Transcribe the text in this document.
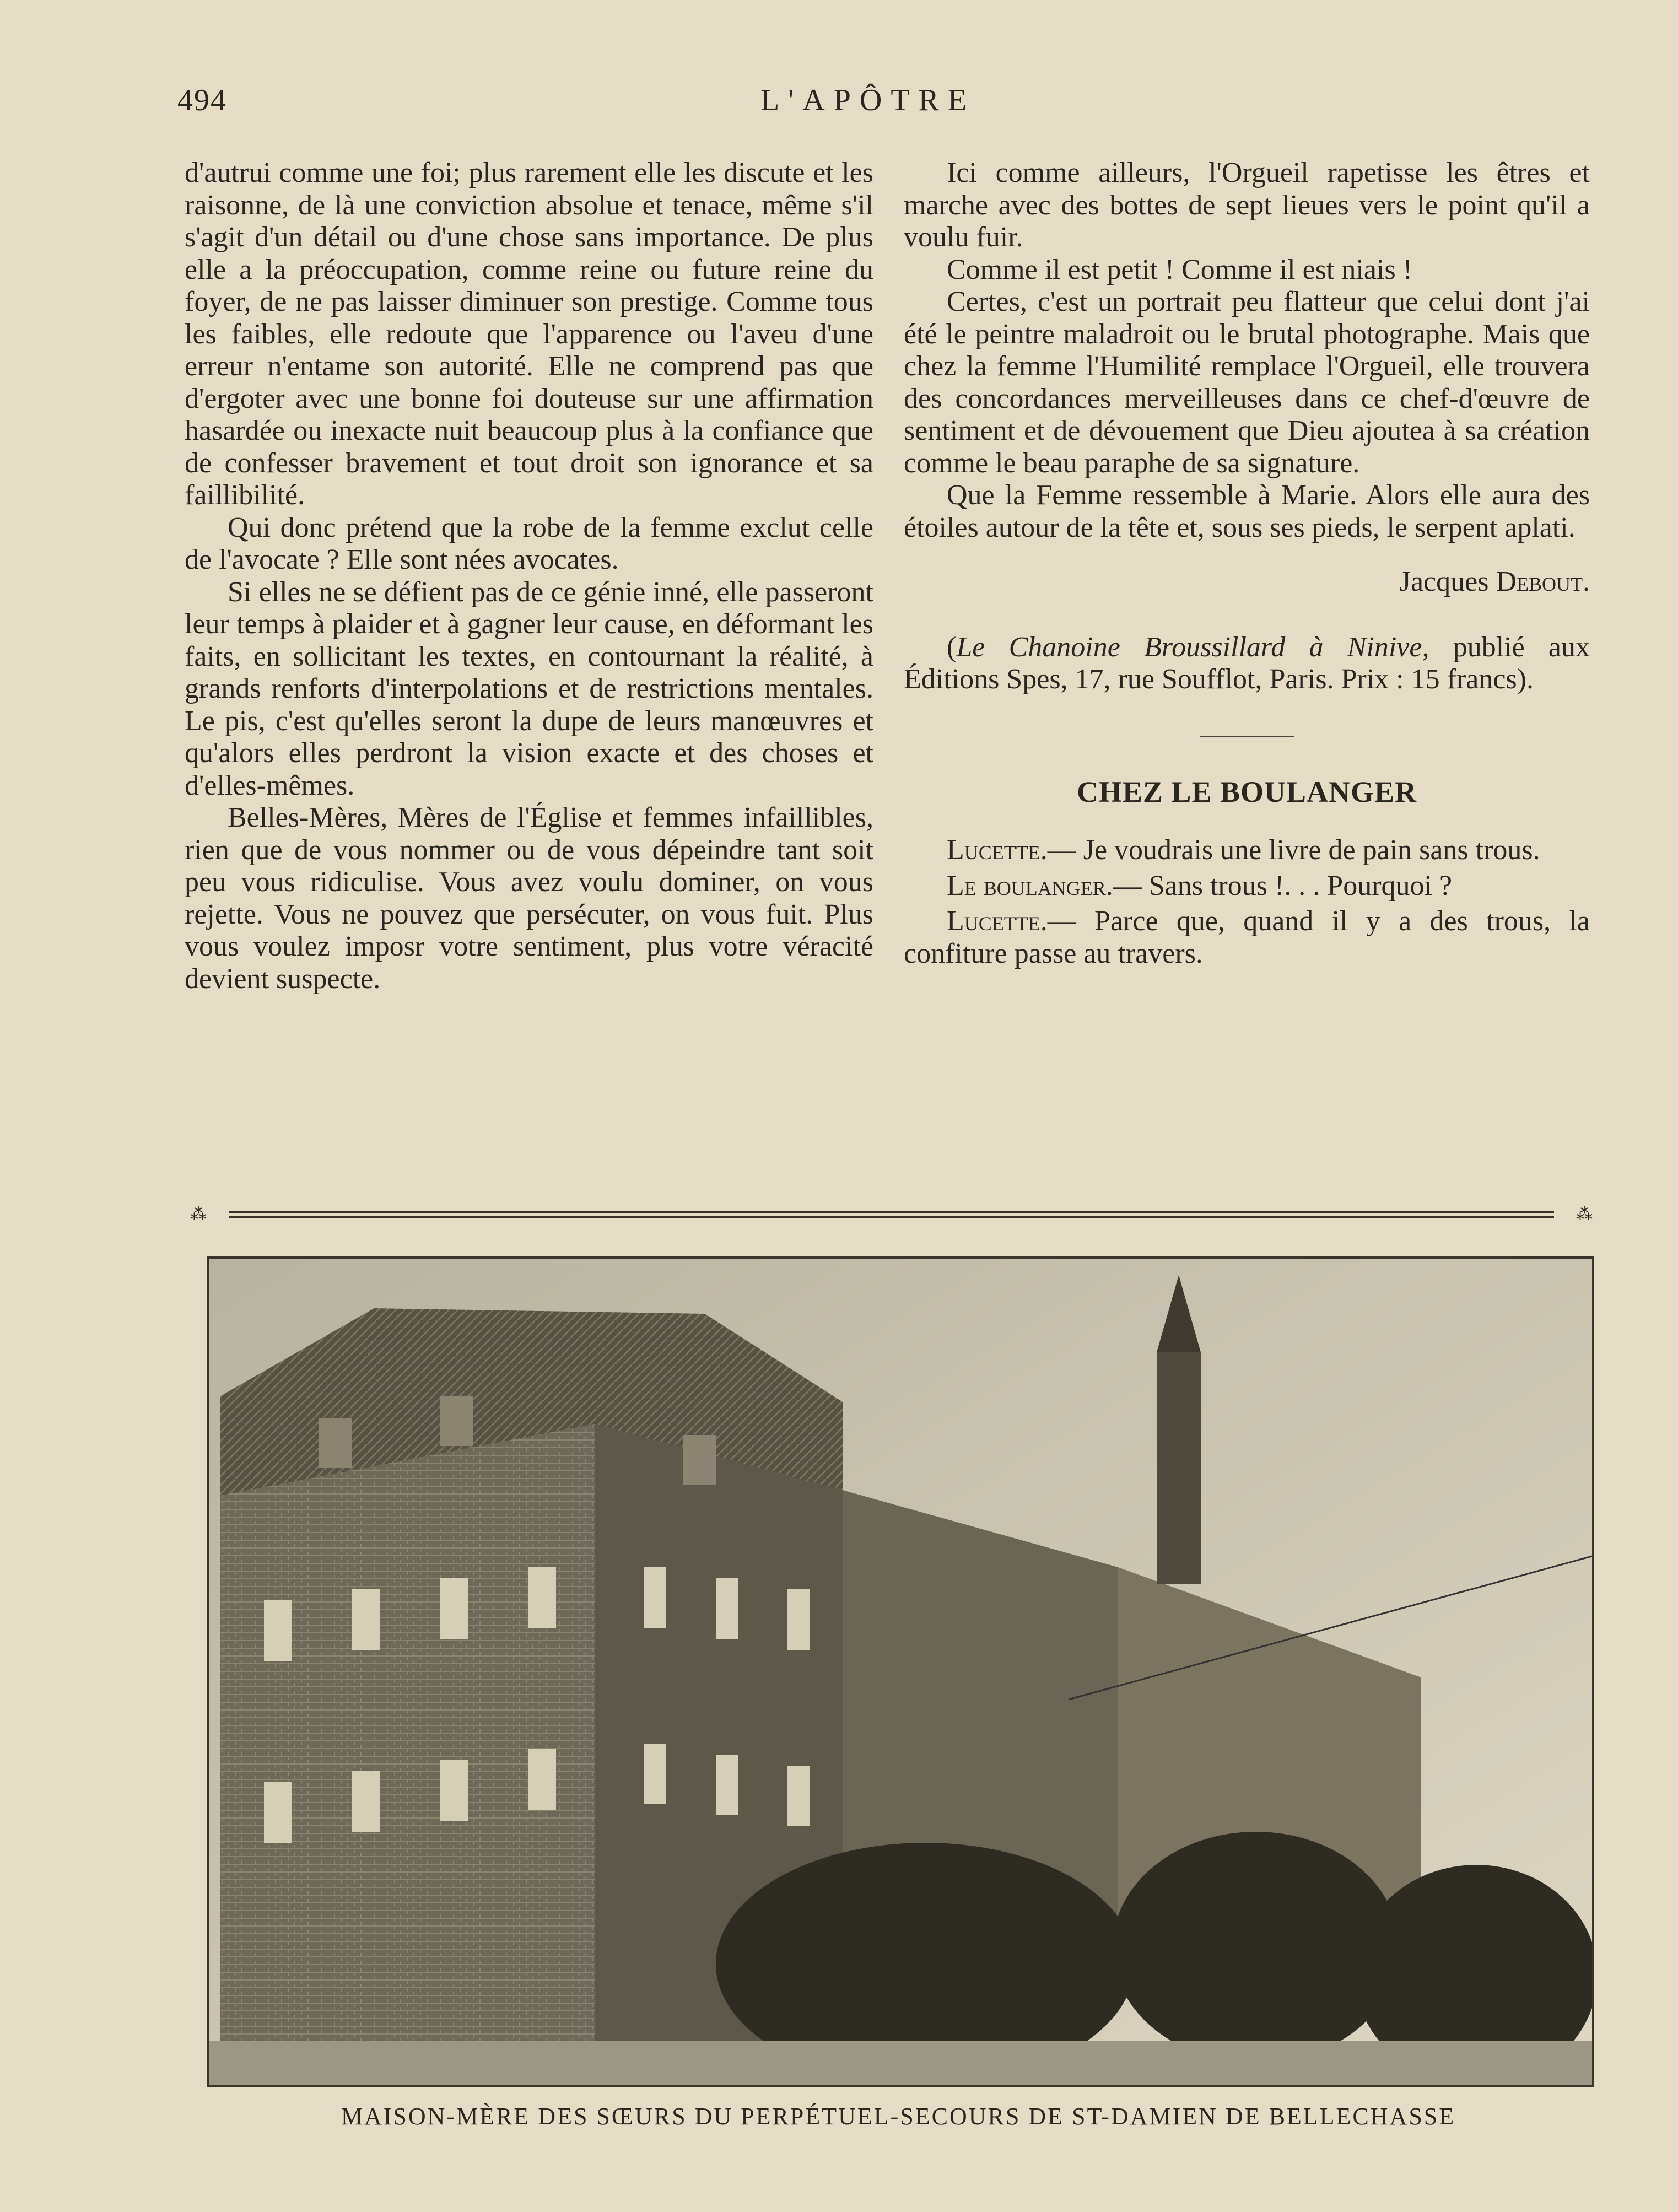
494	L'APÔTRE

d'autrui comme une foi; plus rarement elle les discute et les raisonne, de là une conviction absolue et tenace, même s'il s'agit d'un détail ou d'une chose sans importance. De plus elle a la préoccupation, comme reine ou future reine du foyer, de ne pas laisser diminuer son prestige. Comme tous les faibles, elle redoute que l'apparence ou l'aveu d'une erreur n'entame son autorité. Elle ne comprend pas que d'ergoter avec une bonne foi douteuse sur une affirmation hasardée ou inexacte nuit beaucoup plus à la confiance que de confesser bravement et tout droit son ignorance et sa faillibilité.

Qui donc prétend que la robe de la femme exclut celle de l'avocate ? Elle sont nées avocates.

Si elles ne se défient pas de ce génie inné, elle passeront leur temps à plaider et à gagner leur cause, en déformant les faits, en sollicitant les textes, en contournant la réalité, à grands renforts d'interpolations et de restrictions mentales. Le pis, c'est qu'elles seront la dupe de leurs manœuvres et qu'alors elles perdront la vision exacte et des choses et d'elles-mêmes.

Belles-Mères, Mères de l'Église et femmes infaillibles, rien que de vous nommer ou de vous dépeindre tant soit peu vous ridiculise. Vous avez voulu dominer, on vous rejette. Vous ne pouvez que persécuter, on vous fuit. Plus vous voulez imposr votre sentiment, plus votre véracité devient suspecte.

Ici comme ailleurs, l'Orgueil rapetisse les êtres et marche avec des bottes de sept lieues vers le point qu'il a voulu fuir.

Comme il est petit ! Comme il est niais !

Certes, c'est un portrait peu flatteur que celui dont j'ai été le peintre maladroit ou le brutal photographe. Mais que chez la femme l'Humilité remplace l'Orgueil, elle trouvera des concordances merveilleuses dans ce chef-d'œuvre de sentiment et de dévouement que Dieu ajoutea à sa création comme le beau paraphe de sa signature.

Que la Femme ressemble à Marie. Alors elle aura des étoiles autour de la tête et, sous ses pieds, le serpent aplati.

Jacques Debout.

(Le Chanoine Broussillard à Ninive, publié aux Éditions Spes, 17, rue Soufflot, Paris. Prix : 15 francs).

CHEZ LE BOULANGER

Lucette.— Je voudrais une livre de pain sans trous.

Le boulanger.— Sans trous !. . . Pourquoi ?

Lucette.— Parce que, quand il y a des trous, la confiture passe au travers.

⁂	⁂
MAISON-MÈRE DES SŒURS DU PERPÉTUEL-SECOURS DE ST-DAMIEN DE BELLECHASSE
